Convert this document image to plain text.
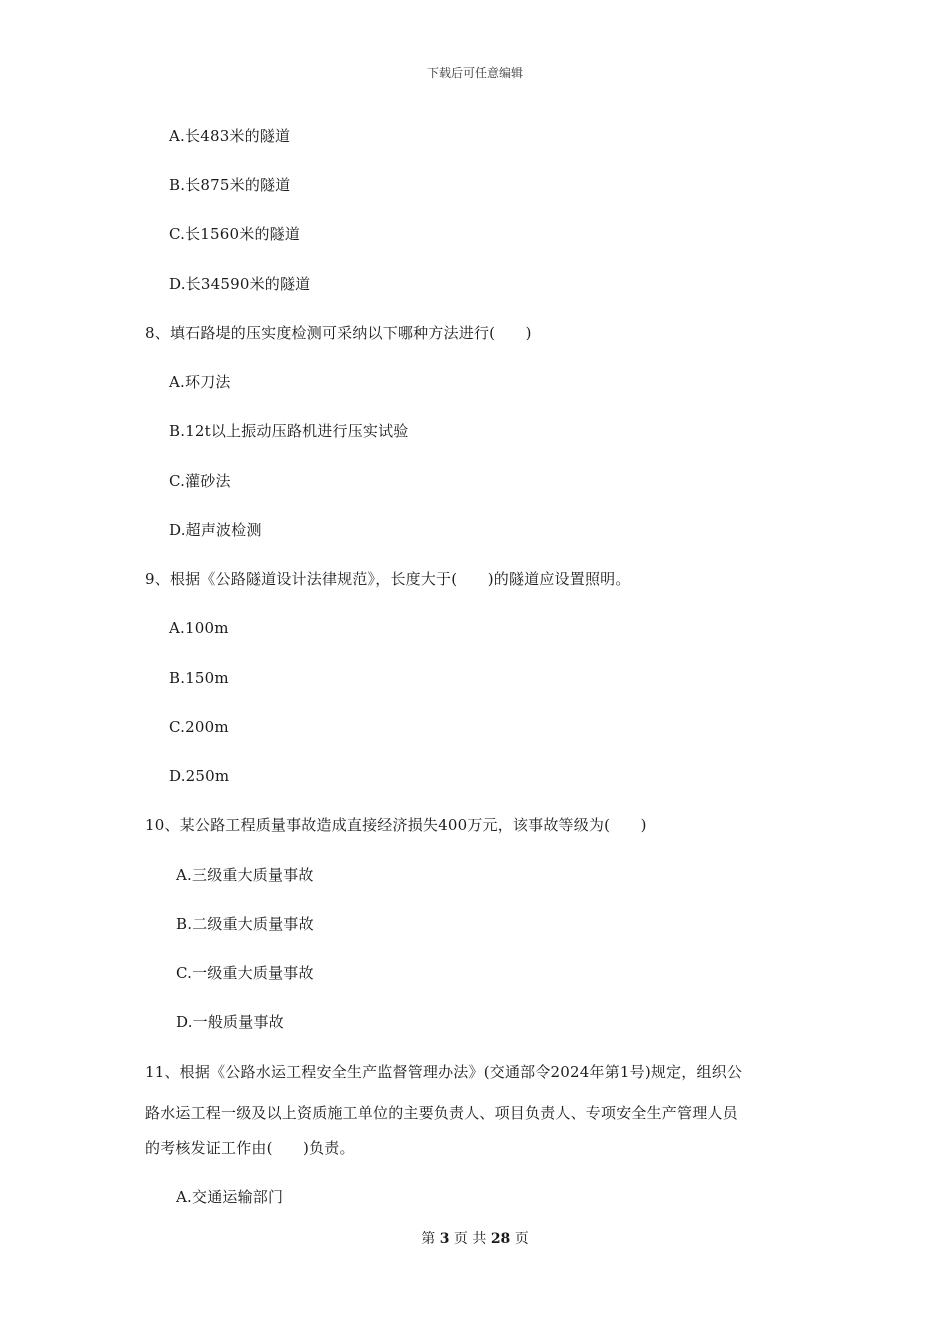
下载后可任意编辑
A.长483米的隧道
B.长875米的隧道
C.长1560米的隧道
D.长34590米的隧道
8、填石路堤的压实度检测可采纳以下哪种方法进行(　　)
A.环刀法
B.12t以上振动压路机进行压实试验
C.灌砂法
D.超声波检测
9、根据《公路隧道设计法律规范》，长度大于(　　)的隧道应设置照明。
A.100m
B.150m
C.200m
D.250m
10、某公路工程质量事故造成直接经济损失400万元，该事故等级为(　　)
A.三级重大质量事故
B.二级重大质量事故
C.一级重大质量事故
D.一般质量事故
11、根据《公路水运工程安全生产监督管理办法》(交通部令2024年第1号)规定，组织公
路水运工程一级及以上资质施工单位的主要负责人、项目负责人、专项安全生产管理人员
的考核发证工作由(　　)负责。
A.交通运输部门
第 3 页 共 28 页
